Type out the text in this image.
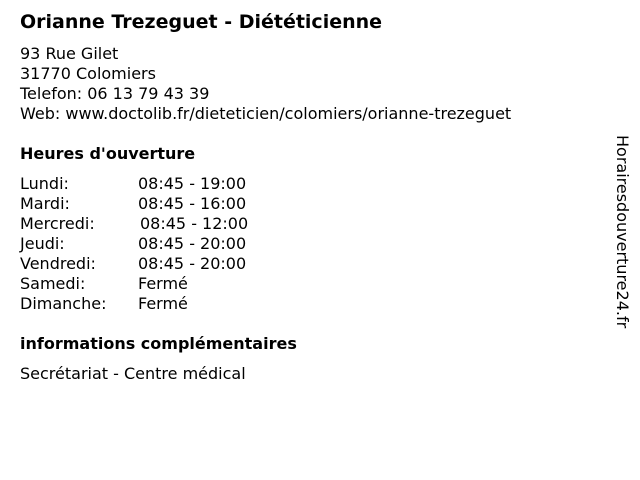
Orianne Trezeguet - Diététicienne
93 Rue Gilet
31770 Colomiers
Telefon: 06 13 79 43 39
Web: www.doctolib.fr/dieteticien/colomiers/orianne-trezeguet
Heures d'ouverture
Lundi:	08:45 - 19:00
Mardi:	08:45 - 16:00
Mercredi:	08:45 - 12:00
Jeudi:	08:45 - 20:00
Vendredi:	08:45 - 20:00
Samedi:	Fermé
Dimanche: Fermé
informations complémentaires
Secrétariat - Centre médical
Horairesdouverture24.fr
